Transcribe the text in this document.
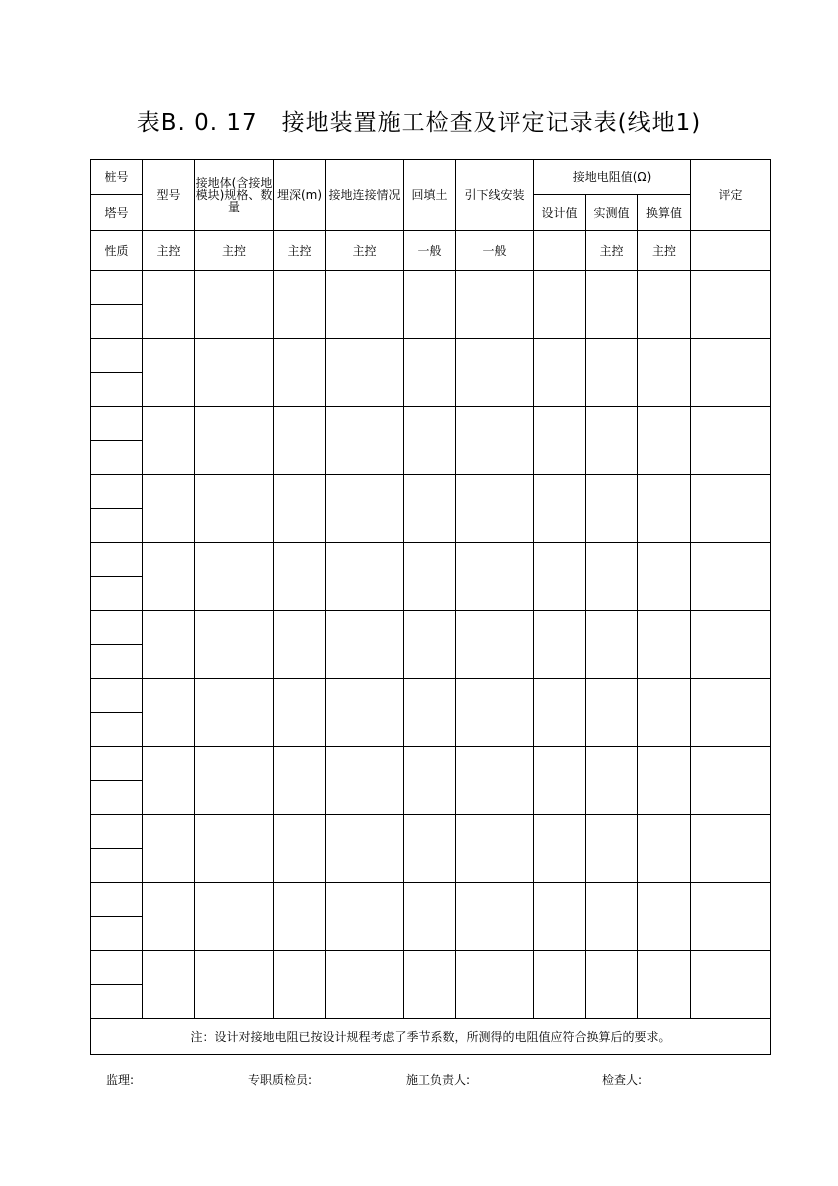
表B. 0. 17　接地装置施工检查及评定记录表(线地1)
桩号	型号	接地体(含接地模块)规格、数量	埋深(m)	接地连接情况	回填土	引下线安装	接地电阻值(Ω)			评定
塔号							设计值	实测值	换算值	
性质	主控	主控	主控	主控	一般	一般		主控	主控	

注：设计对接地电阻已按设计规程考虑了季节系数，所测得的电阻值应符合换算后的要求。										
监理:	专职质检员:	施工负责人:	检查人:
